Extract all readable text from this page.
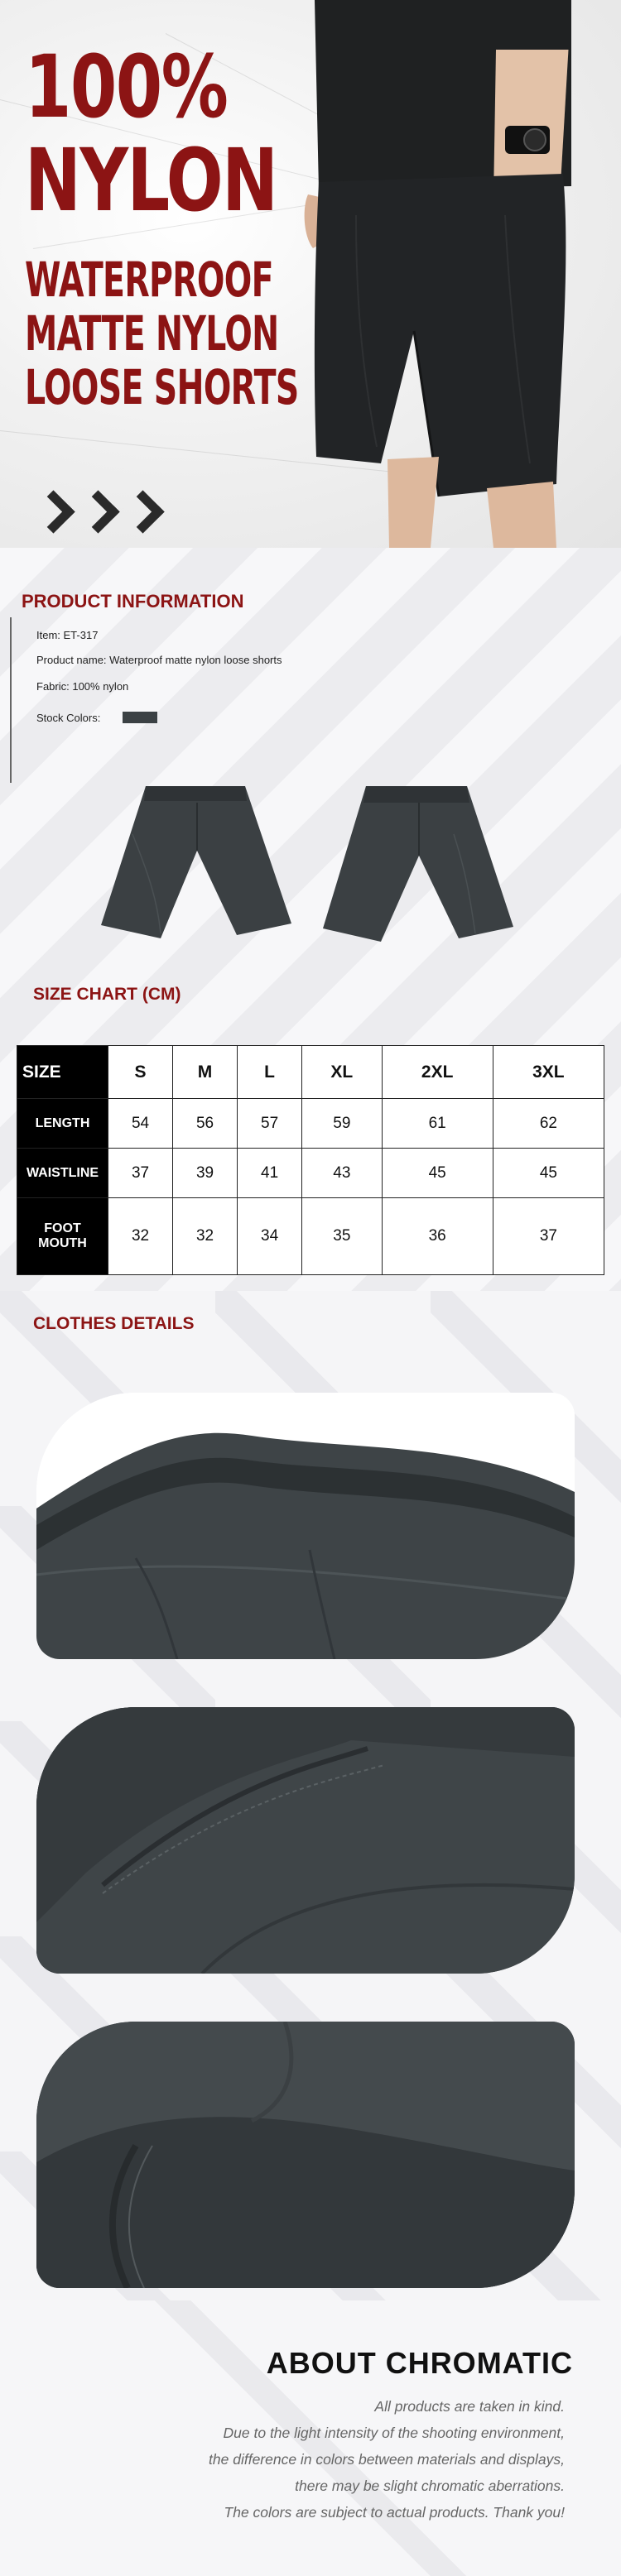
100%
NYLON
WATERPROOF
MATTE NYLON
LOOSE SHORTS
PRODUCT INFORMATION
Item: ET-317
Product name: Waterproof matte nylon loose shorts
Fabric: 100% nylon
Stock Colors:
SIZE CHART (CM)
SIZE	S	M	L	XL	2XL	3XL
LENGTH	54	56	57	59	61	62
WAISTLINE	37	39	41	43	45	45
FOOT MOUTH	32	32	34	35	36	37
CLOTHES DETAILS
ABOUT CHROMATIC
All products are taken in kind.
Due to the light intensity of the shooting environment,
the difference in colors between materials and displays,
there may be slight chromatic aberrations.
The colors are subject to actual products. Thank you!
